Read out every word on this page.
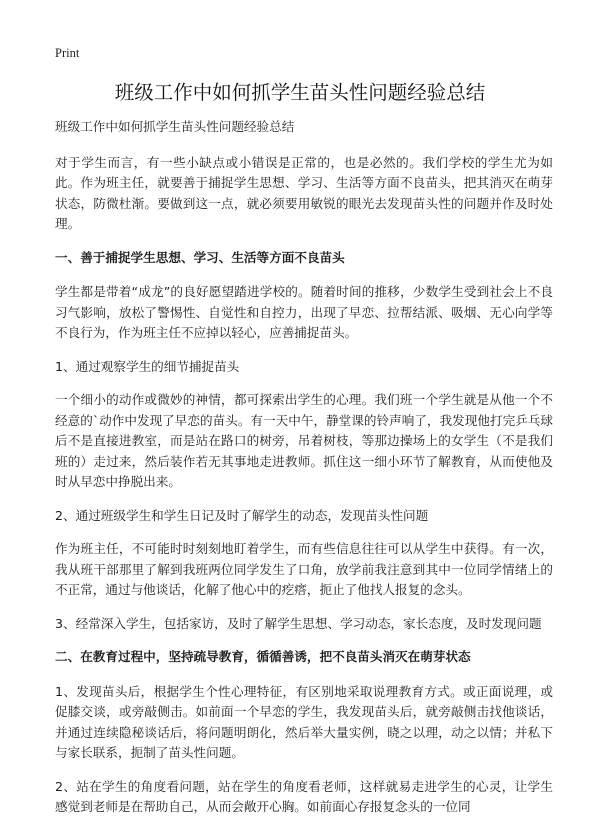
Print
班级工作中如何抓学生苗头性问题经验总结

班级工作中如何抓学生苗头性问题经验总结

对于学生而言，有一些小缺点或小错误是正常的，也是必然的。我们学校的学生尤为如此。作为班主任，就要善于捕捉学生思想、学习、生活等方面不良苗头，把其消灭在萌芽状态，防微杜渐。要做到这一点，就必须要用敏锐的眼光去发现苗头性的问题并作及时处理。

一、善于捕捉学生思想、学习、生活等方面不良苗头

学生都是带着“成龙”的良好愿望踏进学校的。随着时间的推移，少数学生受到社会上不良习气影响，放松了警惕性、自觉性和自控力，出现了早恋、拉帮结派、吸烟、无心向学等不良行为，作为班主任不应掉以轻心，应善捕捉苗头。

1、通过观察学生的细节捕捉苗头

一个细小的动作或微妙的神情，都可探索出学生的心理。我们班一个学生就是从他一个不经意的`动作中发现了早恋的苗头。有一天中午，静堂课的铃声响了，我发现他打完乒乓球后不是直接进教室，而是站在路口的树旁，吊着树枝，等那边操场上的女学生（不是我们班的）走过来，然后装作若无其事地走进教师。抓住这一细小环节了解教育，从而使他及时从早恋中挣脱出来。

2、通过班级学生和学生日记及时了解学生的动态，发现苗头性问题

作为班主任，不可能时时刻刻地盯着学生，而有些信息往往可以从学生中获得。有一次，我从班干部那里了解到我班两位同学发生了口角，放学前我注意到其中一位同学情绪上的不正常，通过与他谈话，化解了他心中的疙瘩，扼止了他找人报复的念头。

3、经常深入学生，包括家访，及时了解学生思想、学习动态，家长态度，及时发现问题

二、在教育过程中，坚持疏导教育，循循善诱，把不良苗头消灭在萌芽状态

1、发现苗头后，根据学生个性心理特征，有区别地采取说理教育方式。或正面说理，或促膝交谈，或旁敲侧击。如前面一个早恋的学生，我发现苗头后，就旁敲侧击找他谈话，并通过连续隐秘谈话后，将问题明朗化，然后举大量实例，晓之以理，动之以情；并私下与家长联系，扼制了苗头性问题。

2、站在学生的角度看问题，站在学生的角度看老师，这样就易走进学生的心灵，让学生感觉到老师是在帮助自己，从而会敞开心胸。如前面心存报复念头的一位同
